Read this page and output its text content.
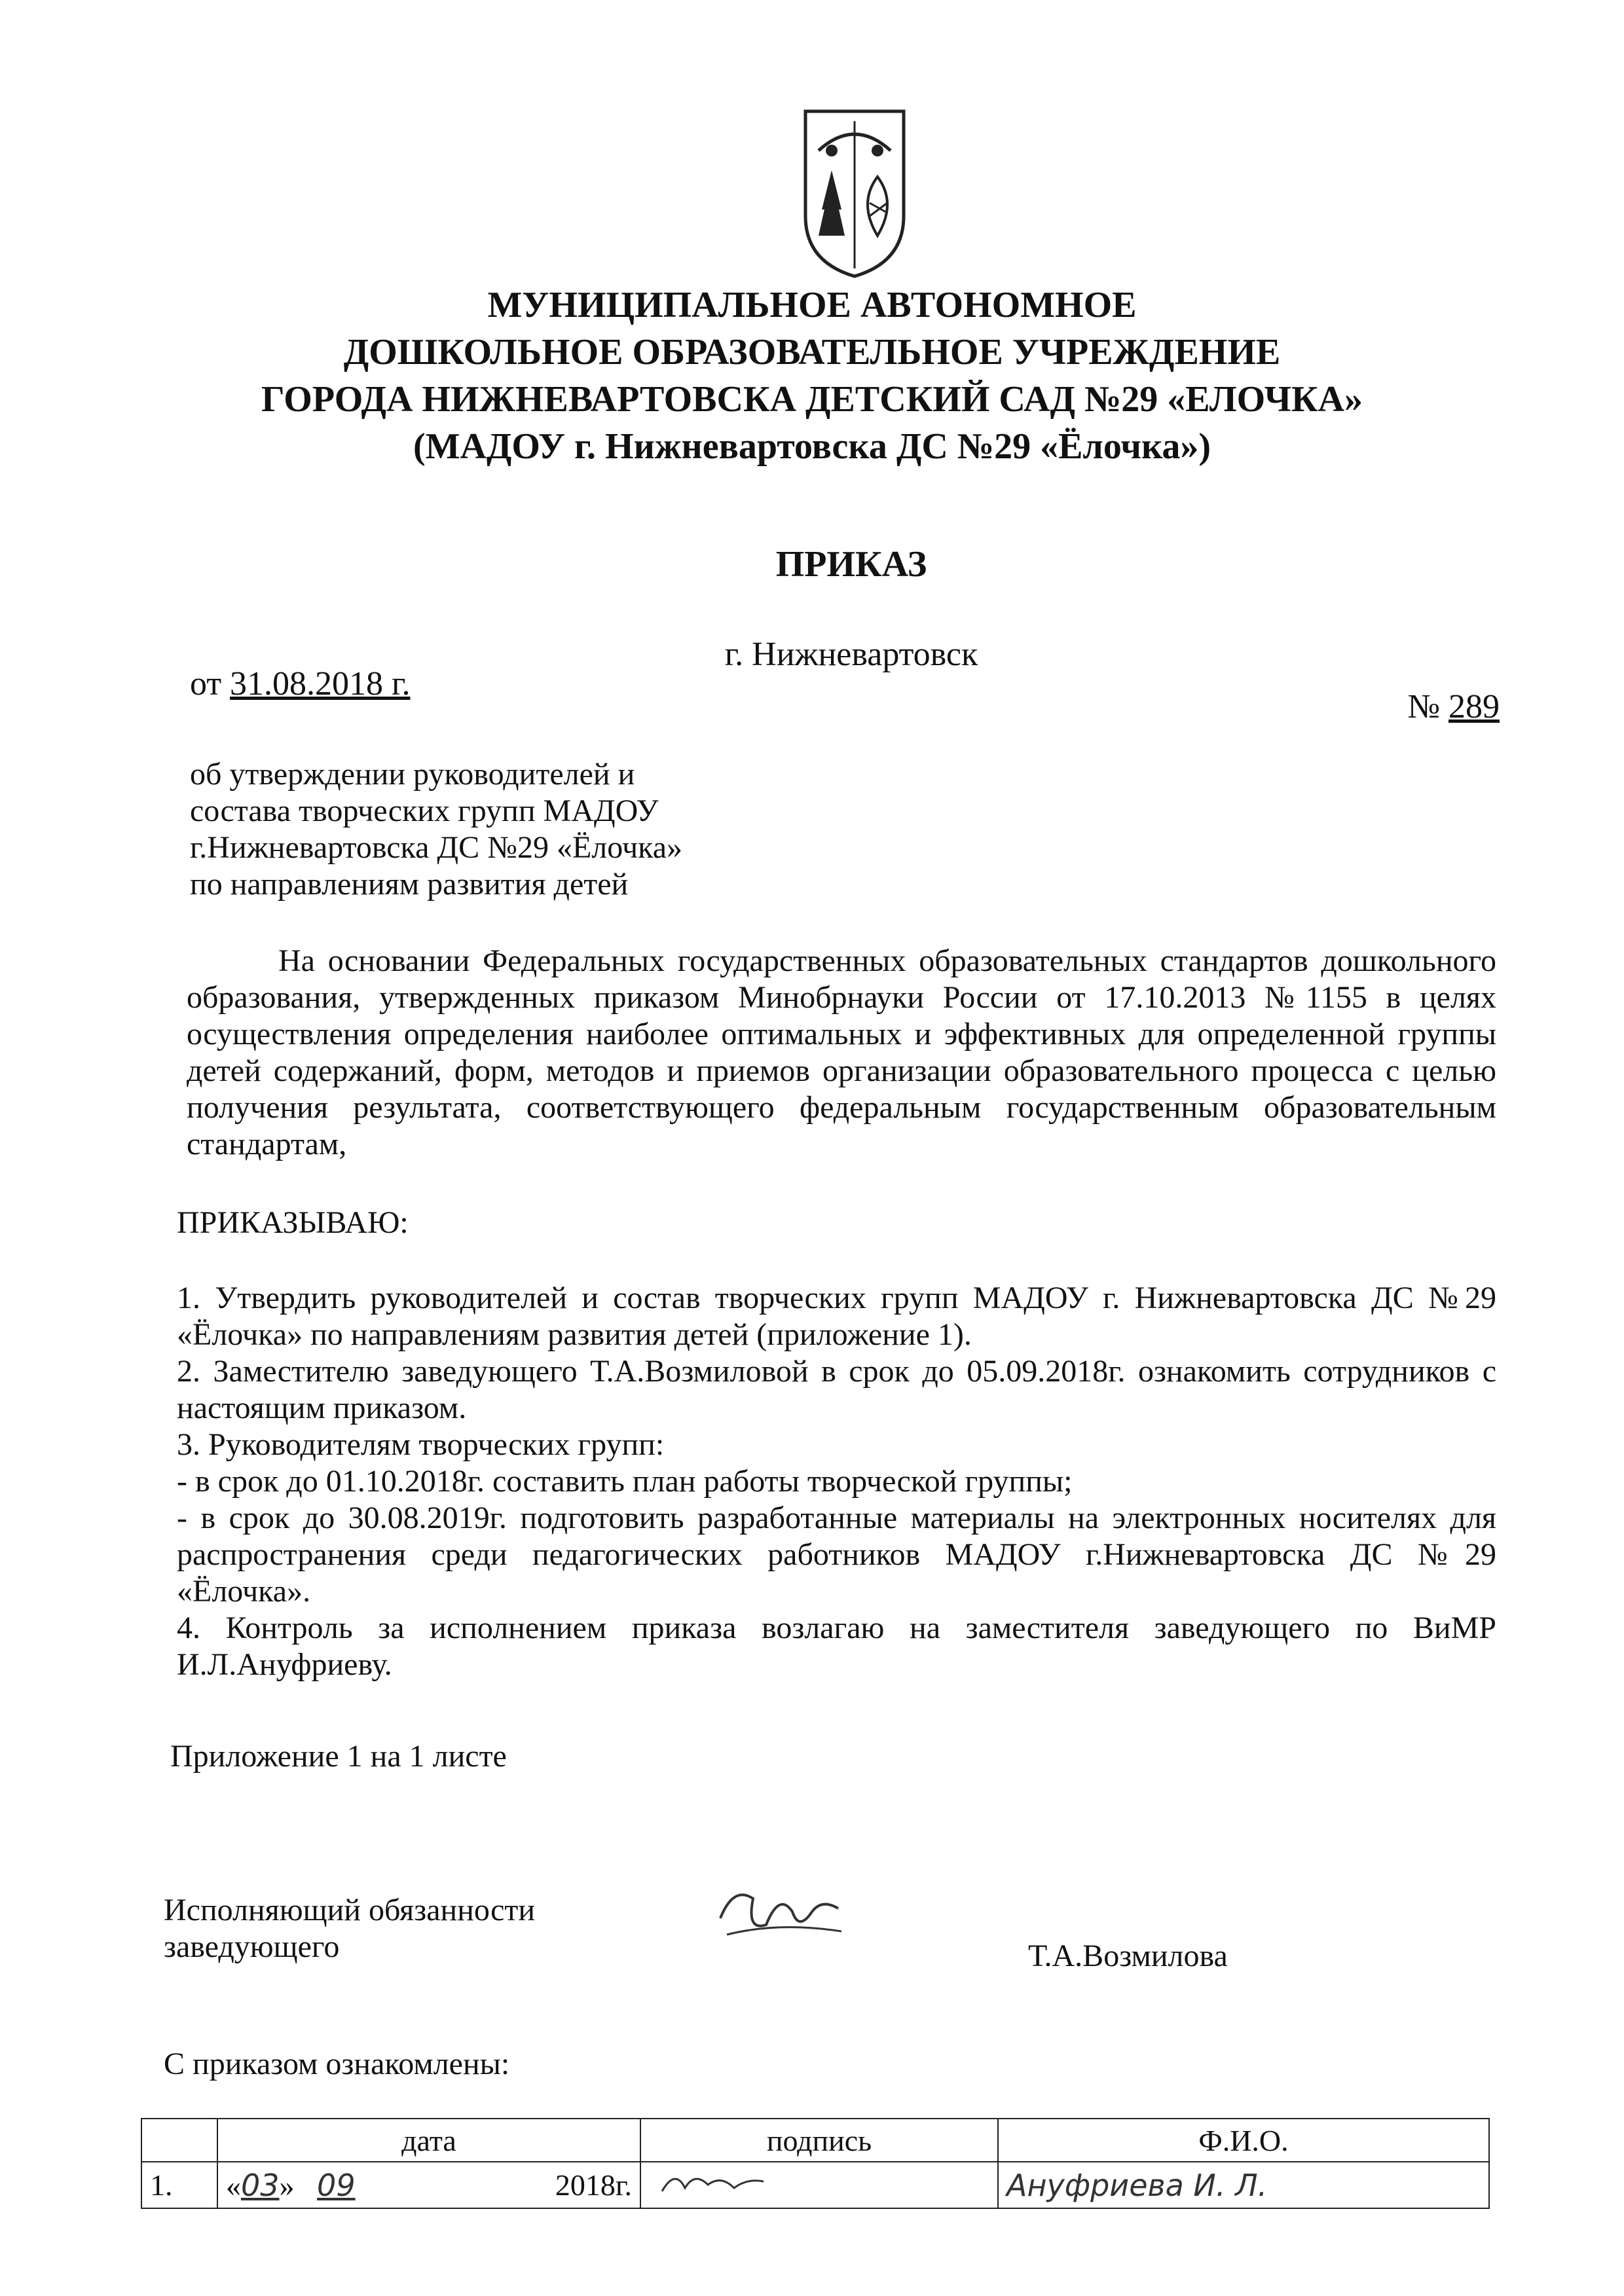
МУНИЦИПАЛЬНОЕ АВТОНОМНОЕ
ДОШКОЛЬНОЕ ОБРАЗОВАТЕЛЬНОЕ УЧРЕЖДЕНИЕ
ГОРОДА НИЖНЕВАРТОВСКА ДЕТСКИЙ САД №29 «ЕЛОЧКА»
(МАДОУ г. Нижневартовска ДС №29 «Ёлочка»)
ПРИКАЗ
г. Нижневартовск
от 31.08.2018 г.
№ 289
об утверждении руководителей и
состава творческих групп МАДОУ
г.Нижневартовска ДС №29 «Ёлочка»
по направлениям развития детей
На основании Федеральных государственных образовательных стандартов дошкольного образования, утвержденных приказом Минобрнауки России от 17.10.2013 №1155 в целях осуществления определения наиболее оптимальных и эффективных для определенной группы детей содержаний, форм, методов и приемов организации образовательного процесса с целью получения результата, соответствующего федеральным государственным образовательным стандартам,
ПРИКАЗЫВАЮ:

1. Утвердить руководителей и состав творческих групп МАДОУ г. Нижневартовска ДС №29 «Ёлочка» по направлениям развития детей (приложение 1).

2. Заместителю заведующего Т.А.Возмиловой в срок до 05.09.2018г. ознакомить сотрудников с настоящим приказом.

3. Руководителям творческих групп:

- в срок до 01.10.2018г. составить план работы творческой группы;

- в срок до 30.08.2019г. подготовить разработанные материалы на электронных носителях для распространения среди педагогических работников МАДОУ г.Нижневартовска ДС №29 «Ёлочка».

4. Контроль за исполнением приказа возлагаю на заместителя заведующего по ВиМР И.Л.Ануфриеву.

Приложение 1 на 1 листе
Исполняющий обязанности
заведующего	Т.А.Возмилова
С приказом ознакомлены:
	дата	подпись	Ф.И.О.
1.	«03» 09 2018г.		Ануфриева И. Л.
